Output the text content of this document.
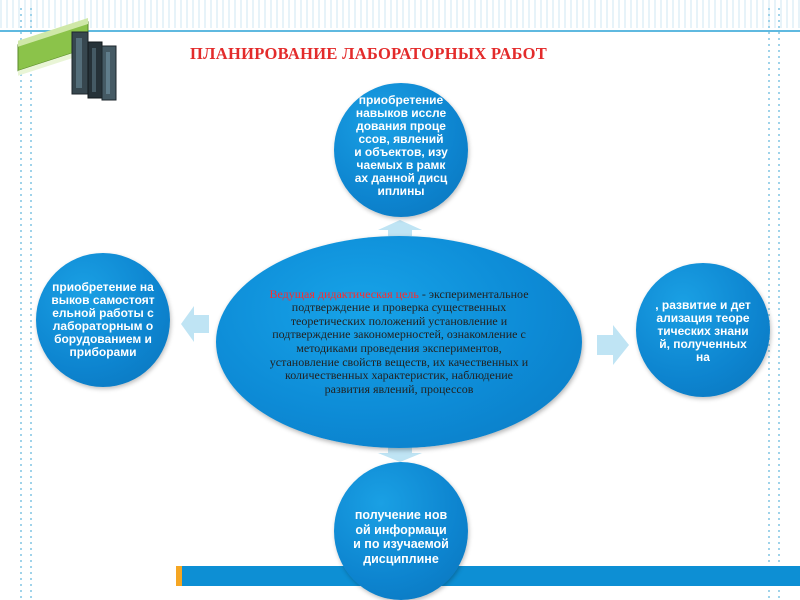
ПЛАНИРОВАНИЕ ЛАБОРАТОРНЫХ РАБОТ
приобретение навыков исследования процессов, явлений и объектов, изучаемых в рамках данной дисциплины
приобретение навыков самостоятельной работы с лабораторным оборудованием и приборами
, развитие и детализация теоретических знаний, полученных на
Ведущая дидактическая цель - экспериментальное подтверждение и проверка существенных теоретических положений установление и подтверждение закономерностей, ознакомление с методиками проведения экспериментов, установление свойств веществ, их качественных и количественных характеристик, наблюдение развития явлений, процессов
получение новой информации по изучаемой дисциплине
